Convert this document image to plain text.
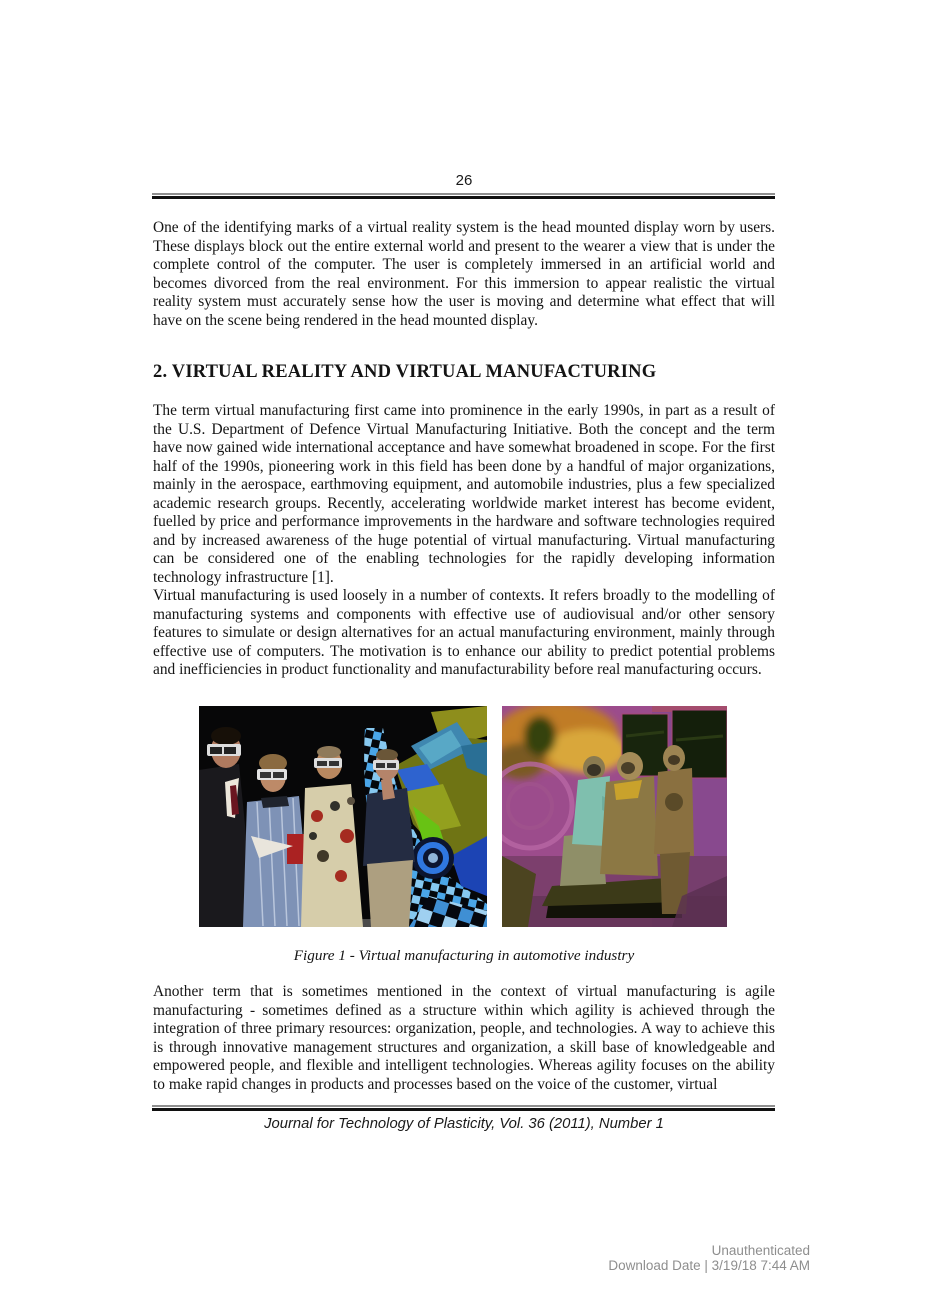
26

One of the identifying marks of a virtual reality system is the head mounted display worn by users. These displays block out the entire external world and present to the wearer a view that is under the complete control of the computer. The user is completely immersed in an artificial world and becomes divorced from the real environment. For this immersion to appear realistic the virtual reality system must accurately sense how the user is moving and determine what effect that will have on the scene being rendered in the head mounted display.

2. VIRTUAL REALITY AND VIRTUAL MANUFACTURING

The term virtual manufacturing first came into prominence in the early 1990s, in part as a result of the U.S. Department of Defence Virtual Manufacturing Initiative. Both the concept and the term have now gained wide international acceptance and have somewhat broadened in scope. For the first half of the 1990s, pioneering work in this field has been done by a handful of major organizations, mainly in the aerospace, earthmoving equipment, and automobile industries, plus a few specialized academic research groups. Recently, accelerating worldwide market interest has become evident, fuelled by price and performance improvements in the hardware and software technologies required and by increased awareness of the huge potential of virtual manufacturing. Virtual manufacturing can be considered one of the enabling technologies for the rapidly developing information technology infrastructure [1].

Virtual manufacturing is used loosely in a number of contexts. It refers broadly to the modelling of manufacturing systems and components with effective use of audiovisual and/or other sensory features to simulate or design alternatives for an actual manufacturing environment, mainly through effective use of computers. The motivation is to enhance our ability to predict potential problems and inefficiencies in product functionality and manufacturability before real manufacturing occurs.

Figure 1 - Virtual manufacturing in automotive industry

Another term that is sometimes mentioned in the context of virtual manufacturing is agile manufacturing - sometimes defined as a structure within which agility is achieved through the integration of three primary resources: organization, people, and technologies. A way to achieve this is through innovative management structures and organization, a skill base of knowledgeable and empowered people, and flexible and intelligent technologies. Whereas agility focuses on the ability to make rapid changes in products and processes based on the voice of the customer, virtual

Journal for Technology of Plasticity, Vol. 36 (2011), Number 1
Unauthenticated
Download Date | 3/19/18 7:44 AM
